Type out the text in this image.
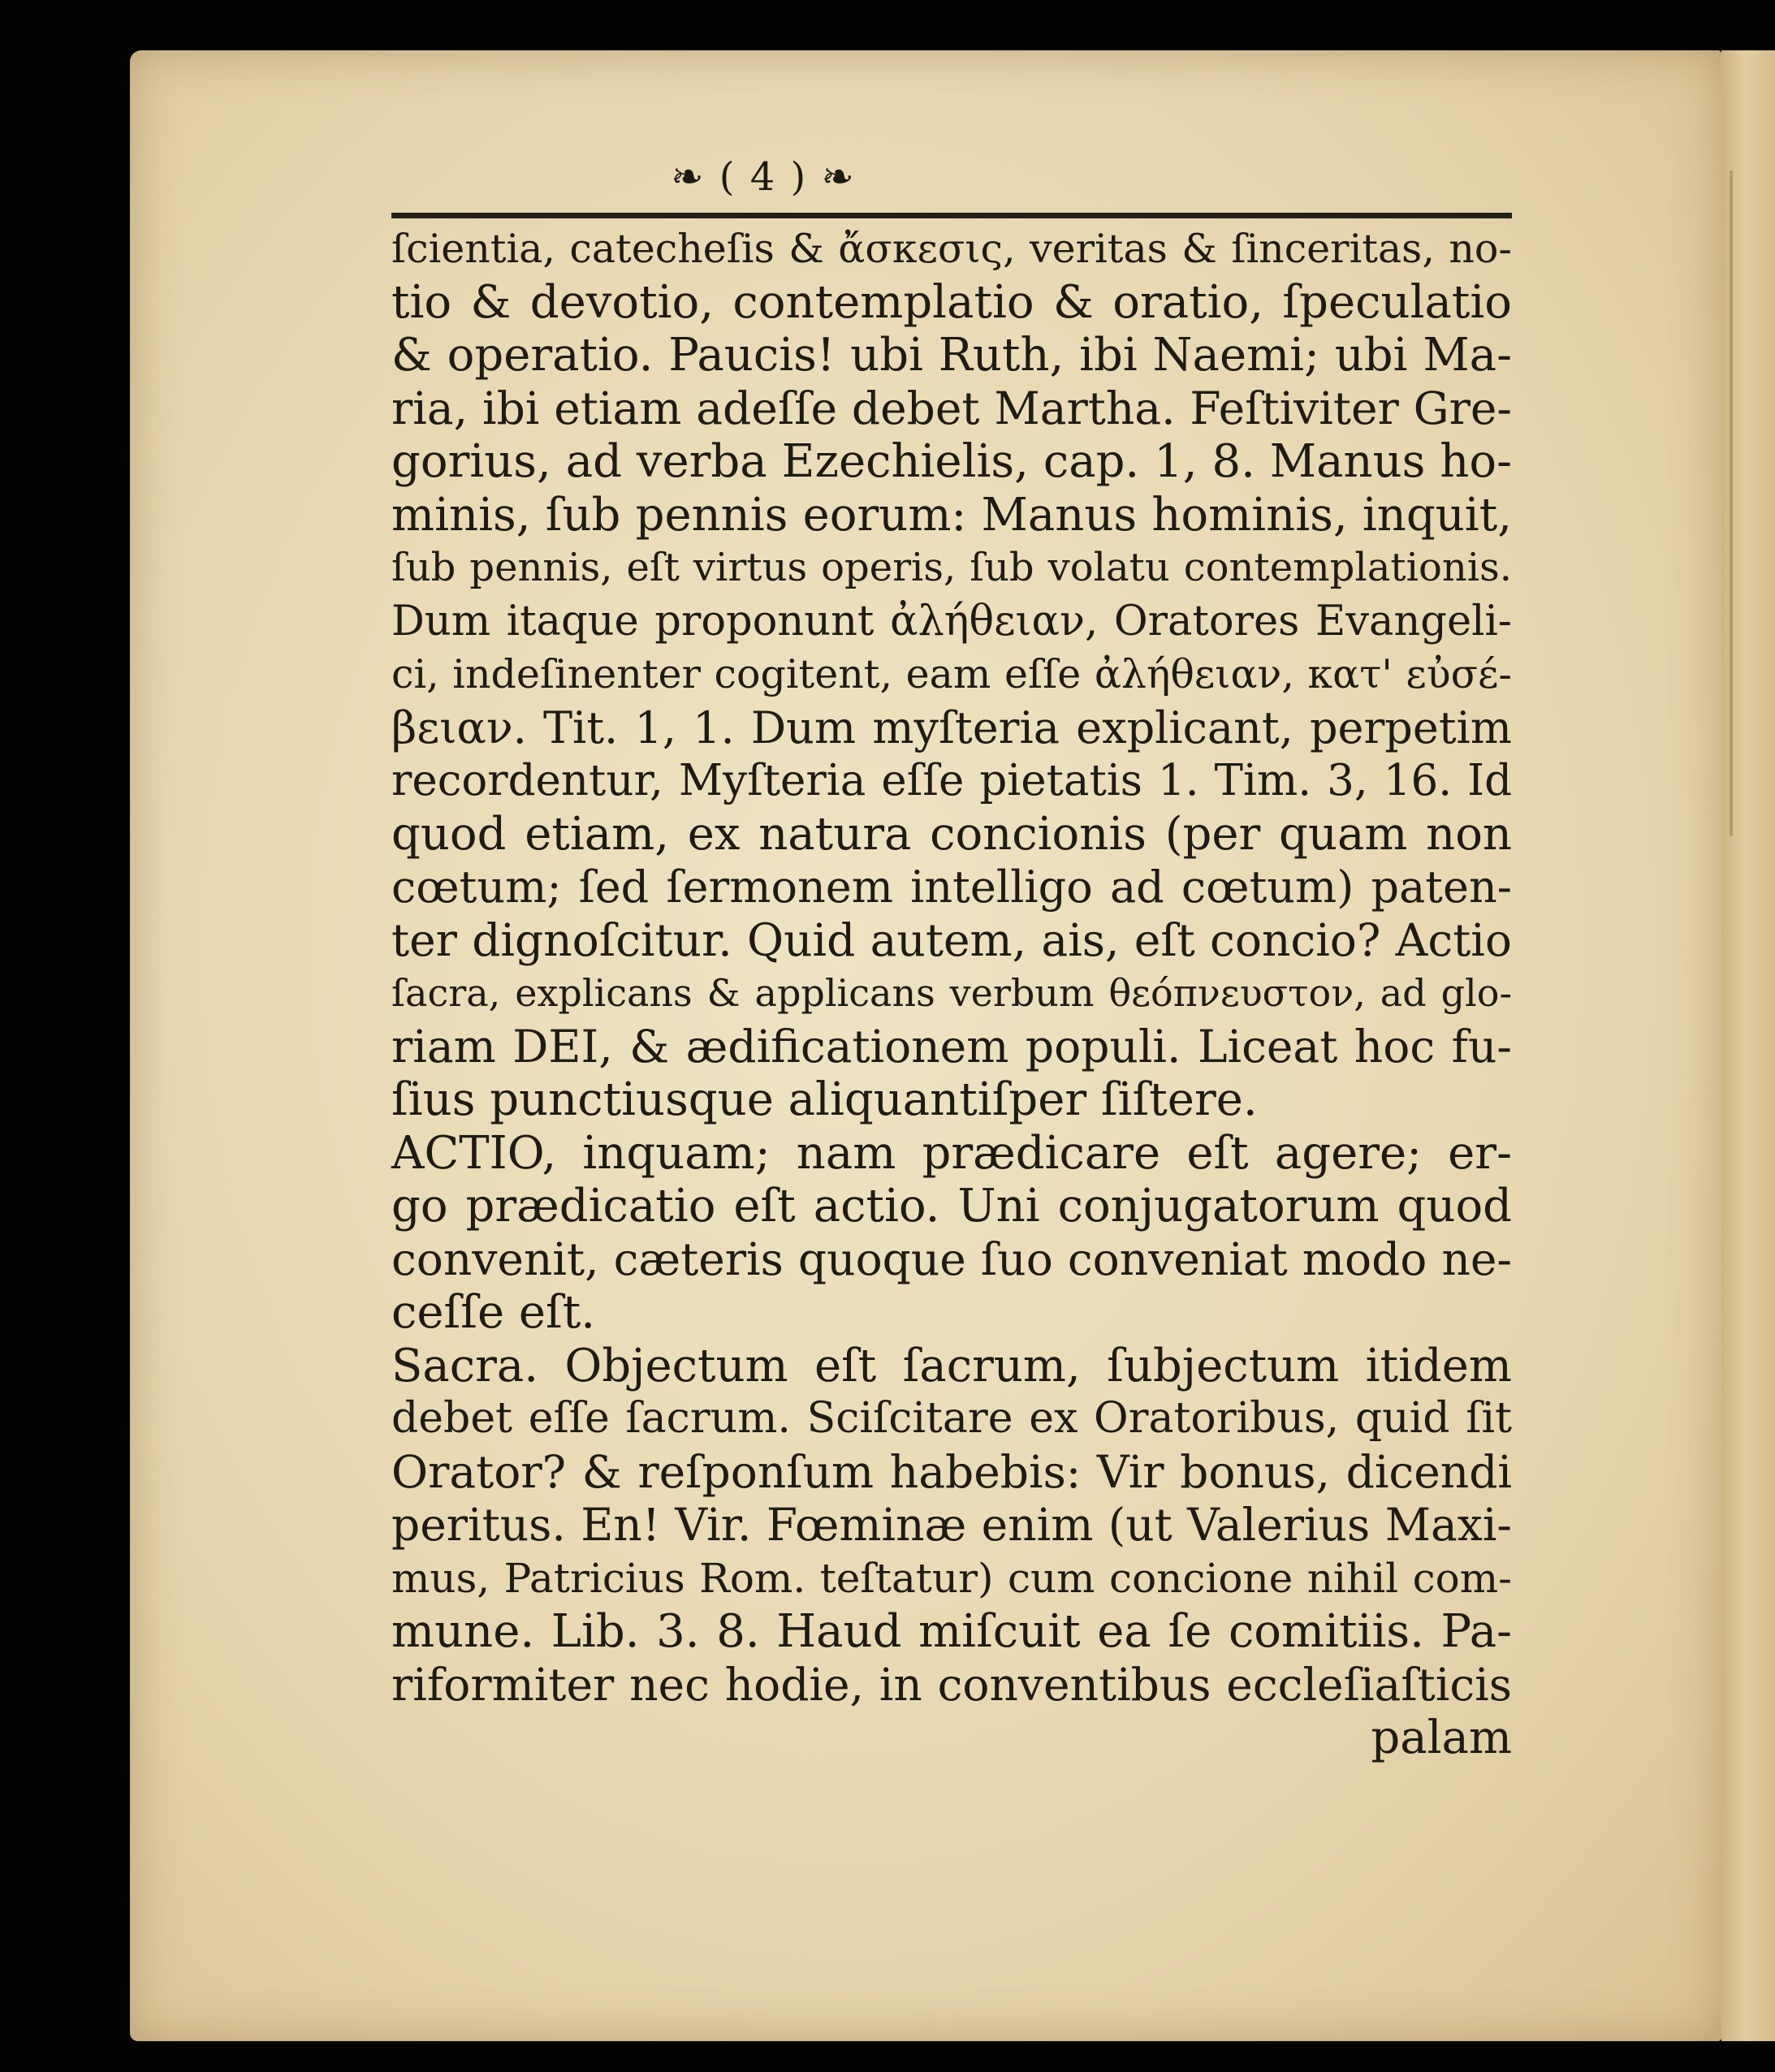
❧ ( 4 ) ❧
ſcientia, catecheſis & ἄσκεσις, veritas & ſinceritas, no-
tio & devotio, contemplatio & oratio, ſpeculatio
& operatio. Paucis! ubi Ruth, ibi Naemi; ubi Ma-
ria, ibi etiam adeſſe debet Martha. Feſtiviter Gre-
gorius, ad verba Ezechielis, cap. 1, 8. Manus ho-
minis, ſub pennis eorum: Manus hominis, inquit,
ſub pennis, eſt virtus operis, ſub volatu contemplationis.
Dum itaque proponunt ἀλήθειαν, Oratores Evangeli-
ci, indeſinenter cogitent, eam eſſe ἀλήθειαν, κατ' εὐσέ-
βειαν. Tit. 1, 1. Dum myſteria explicant, perpetim
recordentur, Myſteria eſſe pietatis 1. Tim. 3, 16. Id
quod etiam, ex natura concionis (per quam non
cœtum; ſed ſermonem intelligo ad cœtum) paten-
ter dignoſcitur. Quid autem, ais, eſt concio? Actio
ſacra, explicans & applicans verbum θεόπνευστον, ad glo-
riam DEI, & ædificationem populi. Liceat hoc fu-
ſius punctiusque aliquantiſper ſiſtere.
ACTIO, inquam; nam prædicare eſt agere; er-
go prædicatio eſt actio. Uni conjugatorum quod
convenit, cæteris quoque ſuo conveniat modo ne-
ceſſe eſt.
Sacra. Objectum eſt ſacrum, ſubjectum itidem
debet eſſe ſacrum. Sciſcitare ex Oratoribus, quid ſit
Orator? & reſponſum habebis: Vir bonus, dicendi
peritus. En! Vir. Fœminæ enim (ut Valerius Maxi-
mus, Patricius Rom. teſtatur) cum concione nihil com-
mune. Lib. 3. 8. Haud miſcuit ea ſe comitiis. Pa-
riformiter nec hodie, in conventibus eccleſiaſticis
palam
